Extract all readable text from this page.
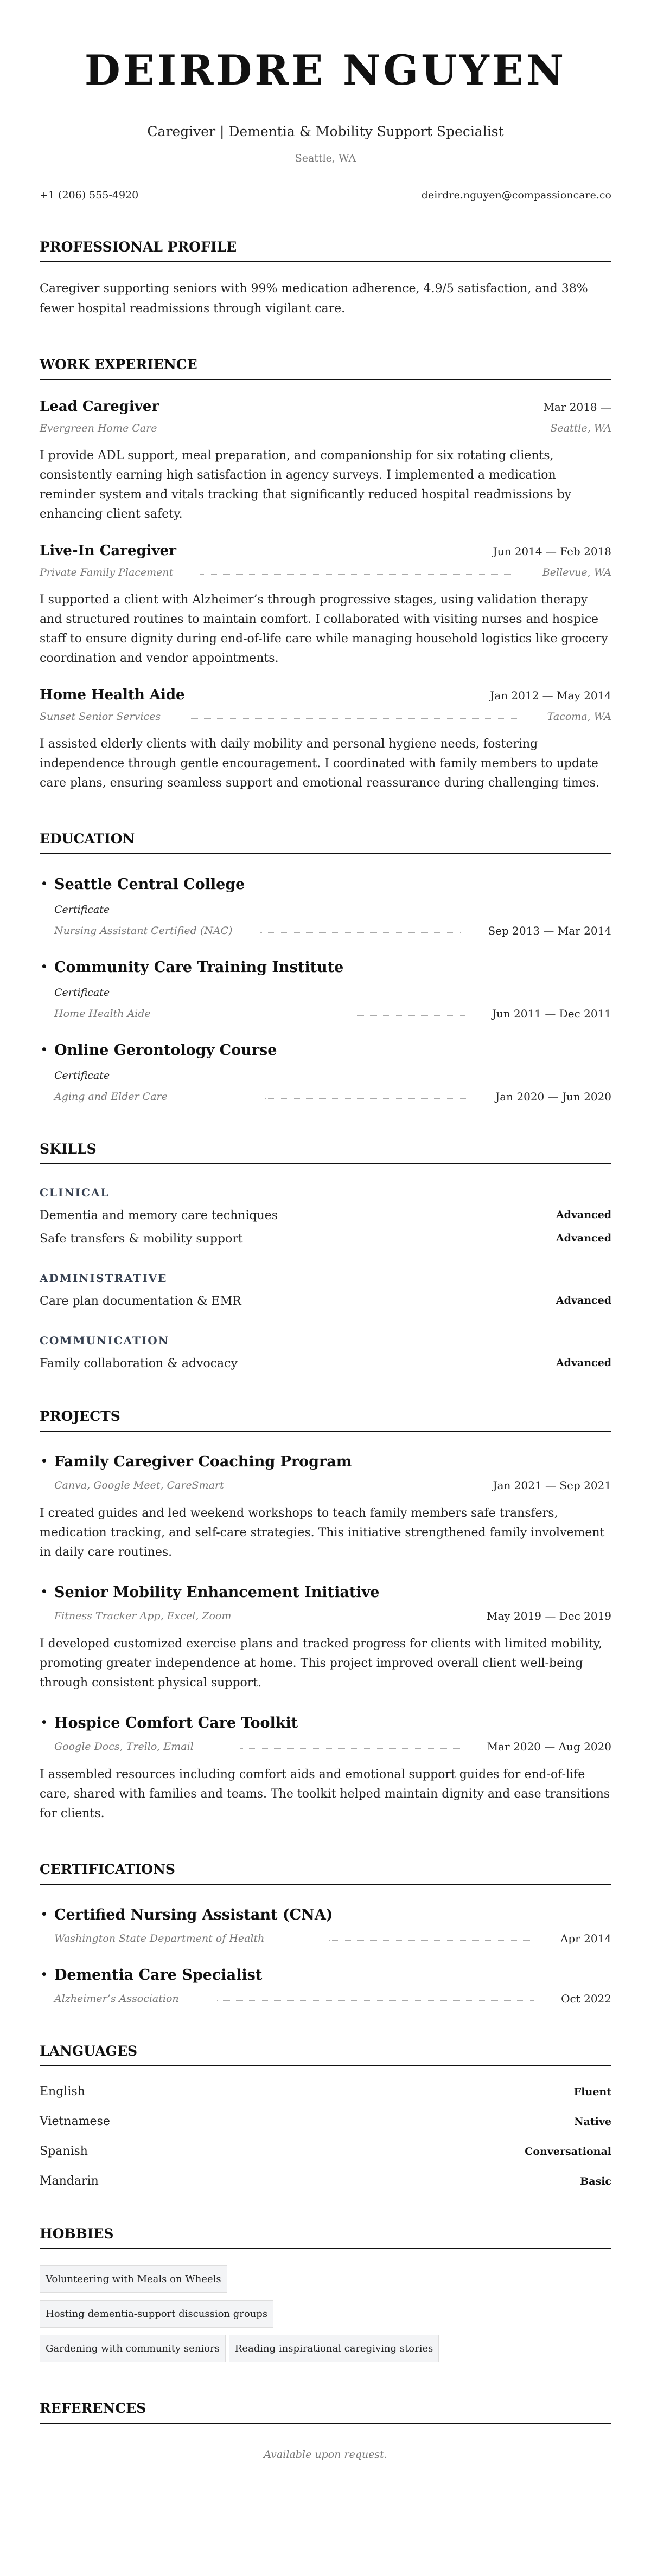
DEIRDRE NGUYEN
Caregiver | Dementia & Mobility Support Specialist
Seattle, WA
+1 (206) 555-4920	deirdre.nguyen@compassioncare.co
PROFESSIONAL PROFILE

Caregiver supporting seniors with 99% medication adherence, 4.9/5 satisfaction, and 38% fewer hospital readmissions through vigilant care.

WORK EXPERIENCE
Lead Caregiver	Mar 2018 —
Evergreen Home Care	Seattle, WA

I provide ADL support, meal preparation, and companionship for six rotating clients, consistently earning high satisfaction in agency surveys. I implemented a medication reminder system and vitals tracking that significantly reduced hospital readmissions by enhancing client safety.

Live-In Caregiver	Jun 2014 — Feb 2018
Private Family Placement	Bellevue, WA

I supported a client with Alzheimer’s through progressive stages, using validation therapy and structured routines to maintain comfort. I collaborated with visiting nurses and hospice staff to ensure dignity during end-of-life care while managing household logistics like grocery coordination and vendor appointments.

Home Health Aide	Jan 2012 — May 2014
Sunset Senior Services	Tacoma, WA

I assisted elderly clients with daily mobility and personal hygiene needs, fostering independence through gentle encouragement. I coordinated with family members to update care plans, ensuring seamless support and emotional reassurance during challenging times.

EDUCATION
• Seattle Central College
Certificate
Nursing Assistant Certified (NAC)	Sep 2013 — Mar 2014
• Community Care Training Institute
Certificate
Home Health Aide	Jun 2011 — Dec 2011
• Online Gerontology Course
Certificate
Aging and Elder Care	Jan 2020 — Jun 2020
SKILLS
CLINICAL
Dementia and memory care techniques	Advanced
Safe transfers & mobility support	Advanced
ADMINISTRATIVE
Care plan documentation & EMR	Advanced
COMMUNICATION
Family collaboration & advocacy	Advanced
PROJECTS
• Family Caregiver Coaching Program
Canva, Google Meet, CareSmart	Jan 2021 — Sep 2021

I created guides and led weekend workshops to teach family members safe transfers, medication tracking, and self-care strategies. This initiative strengthened family involvement in daily care routines.

• Senior Mobility Enhancement Initiative
Fitness Tracker App, Excel, Zoom	May 2019 — Dec 2019

I developed customized exercise plans and tracked progress for clients with limited mobility, promoting greater independence at home. This project improved overall client well-being through consistent physical support.

• Hospice Comfort Care Toolkit
Google Docs, Trello, Email	Mar 2020 — Aug 2020

I assembled resources including comfort aids and emotional support guides for end-of-life care, shared with families and teams. The toolkit helped maintain dignity and ease transitions for clients.

CERTIFICATIONS
• Certified Nursing Assistant (CNA)
Washington State Department of Health	Apr 2014
• Dementia Care Specialist
Alzheimer’s Association	Oct 2022
LANGUAGES
English	Fluent
Vietnamese	Native
Spanish	Conversational
Mandarin	Basic
HOBBIES
Volunteering with Meals on Wheels
Hosting dementia-support discussion groups
Gardening with community seniors	Reading inspirational caregiving stories
REFERENCES

Available upon request.
